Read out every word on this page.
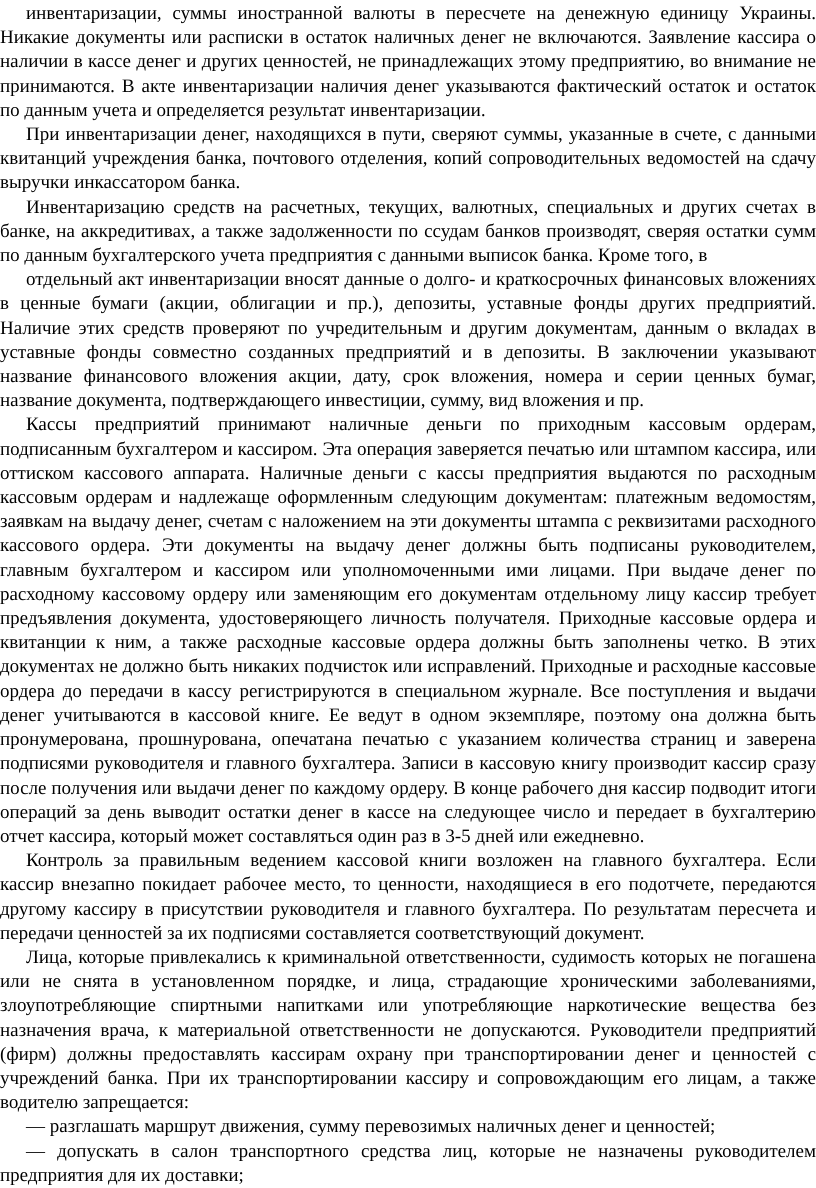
инвентаризации, суммы иностранной валюты в пересчете на денежную единицу Украины. Никакие документы или расписки в остаток наличных денег не включаются. Заявление кассира о наличии в кассе денег и других ценностей, не принадлежащих этому предприятию, во внимание не принимаются. В акте инвентаризации наличия денег указываются фактический остаток и остаток по данным учета и определяется результат инвентаризации.

При инвентаризации денег, находящихся в пути, сверяют суммы, указанные в счете, с данными квитанций учреждения банка, почтового отделения, копий сопроводительных ведомостей на сдачу выручки инкассатором банка.

Инвентаризацию средств на расчетных, текущих, валютных, специальных и других счетах в банке, на аккредитивах, а также задолженности по ссудам банков производят, сверяя остатки сумм по данным бухгалтерского учета предприятия с данными выписок банка. Кроме того, в

отдельный акт инвентаризации вносят данные о долго- и краткосрочных финансовых вложениях в ценные бумаги (акции, облигации и пр.), депозиты, уставные фонды других предприятий. Наличие этих средств проверяют по учредительным и другим документам, данным о вкладах в уставные фонды совместно созданных предприятий и в депозиты. В заключении указывают название финансового вложения акции, дату, срок вложения, номера и серии ценных бумаг, название документа, подтверждающего инвестиции, сумму, вид вложения и пр.

Кассы предприятий принимают наличные деньги по приходным кассовым ордерам, подписанным бухгалтером и кассиром. Эта операция заверяется печатью или штампом кассира, или оттиском кассового аппарата. Наличные деньги с кассы предприятия выдаются по расходным кассовым ордерам и надлежаще оформленным следующим документам: платежным ведомостям, заявкам на выдачу денег, счетам с наложением на эти документы штампа с реквизитами расходного кассового ордера. Эти документы на выдачу денег должны быть подписаны руководителем, главным бухгалтером и кассиром или уполномоченными ими лицами. При выдаче денег по расходному кассовому ордеру или заменяющим его документам отдельному лицу кассир требует предъявления документа, удостоверяющего личность получателя. Приходные кассовые ордера и квитанции к ним, а также расходные кассовые ордера должны быть заполнены четко. В этих документах не должно быть никаких подчисток или исправлений. Приходные и расходные кассовые ордера до передачи в кассу регистрируются в специальном журнале. Все поступления и выдачи денег учитываются в кассовой книге. Ее ведут в одном экземпляре, поэтому она должна быть пронумерована, прошнурована, опечатана печатью с указанием количества страниц и заверена подписями руководителя и главного бухгалтера. Записи в кассовую книгу производит кассир сразу после получения или выдачи денег по каждому ордеру. В конце рабочего дня кассир подводит итоги операций за день выводит остатки денег в кассе на следующее число и передает в бухгалтерию отчет кассира, который может составляться один раз в 3-5 дней или ежедневно.

Контроль за правильным ведением кассовой книги возложен на главного бухгалтера. Если кассир внезапно покидает рабочее место, то ценности, находящиеся в его подотчете, передаются другому кассиру в присутствии руководителя и главного бухгалтера. По результатам пересчета и передачи ценностей за их подписями составляется соответствующий документ.

Лица, которые привлекались к криминальной ответственности, судимость которых не погашена или не снята в установленном порядке, и лица, страдающие хроническими заболеваниями, злоупотребляющие спиртными напитками или употребляющие наркотические вещества без назначения врача, к материальной ответственности не допускаются. Руководители предприятий (фирм) должны предоставлять кассирам охрану при транспортировании денег и ценностей с учреждений банка. При их транспортировании кассиру и сопровождающим его лицам, а также водителю запрещается:

— разглашать маршрут движения, сумму перевозимых наличных денег и ценностей;

— допускать в салон транспортного средства лиц, которые не назначены руководителем предприятия для их доставки;
